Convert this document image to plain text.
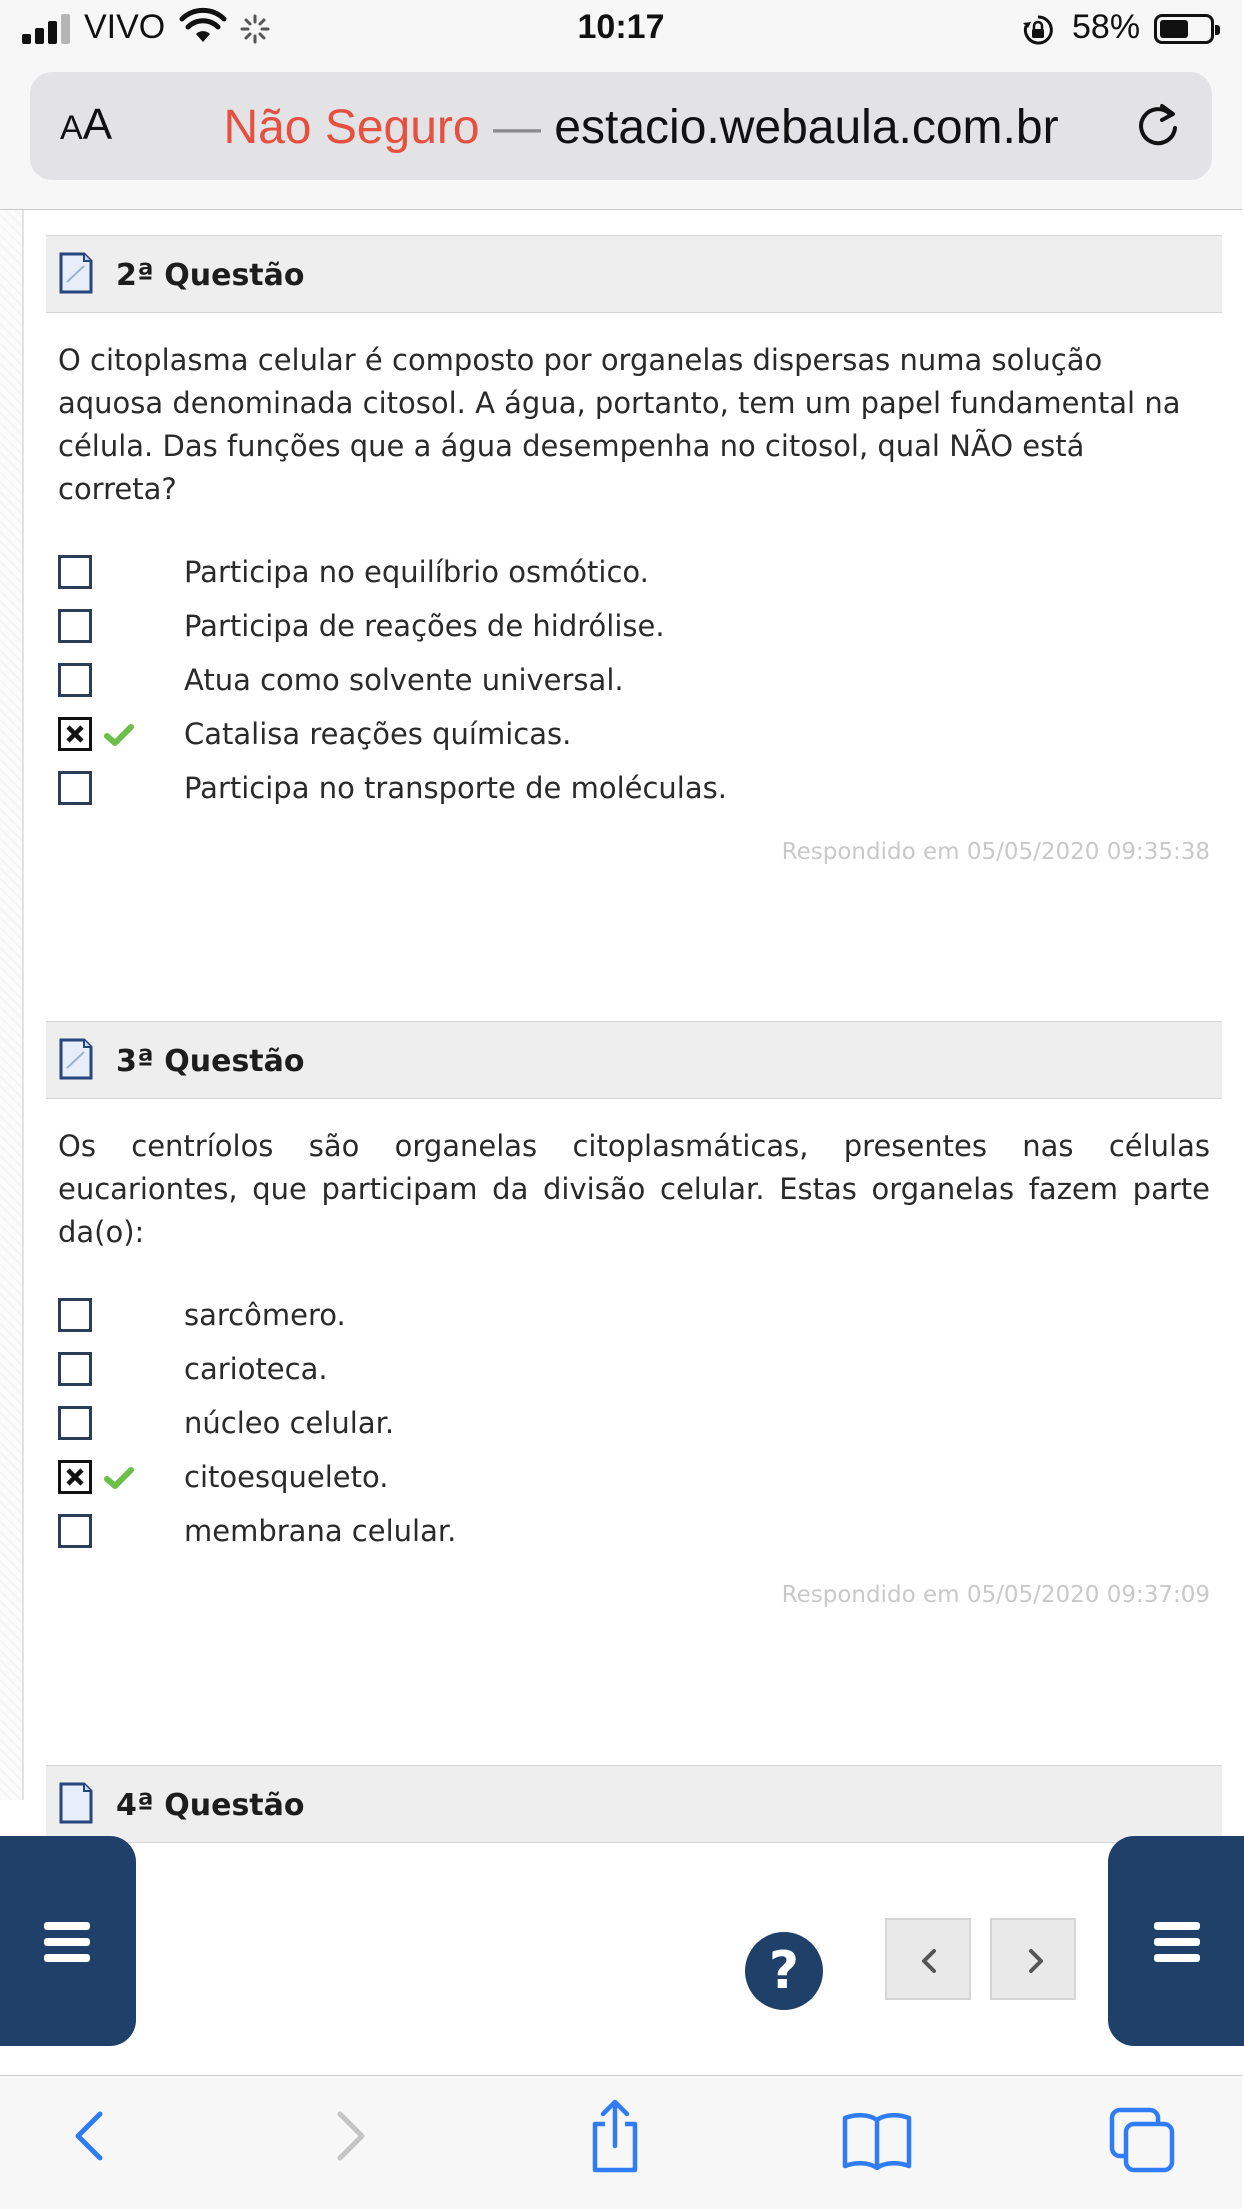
VIVO	10:17	58%
AA	Não Seguro — estacio.webaula.com.br
2ª Questão

O citoplasma celular é composto por organelas dispersas numa solução aquosa denominada citosol. A água, portanto, tem um papel fundamental na célula. Das funções que a água desempenha no citosol, qual NÃO está correta?

Participa no equilíbrio osmótico.
Participa de reações de hidrólise.
Atua como solvente universal.
Catalisa reações químicas.
Participa no transporte de moléculas.
Respondido em 05/05/2020 09:35:38
3ª Questão

Os centríolos são organelas citoplasmáticas, presentes nas células eucariontes, que participam da divisão celular. Estas organelas fazem parte da(o):

sarcômero.
carioteca.
núcleo celular.
citoesqueleto.
membrana celular.
Respondido em 05/05/2020 09:37:09
4ª Questão
?
